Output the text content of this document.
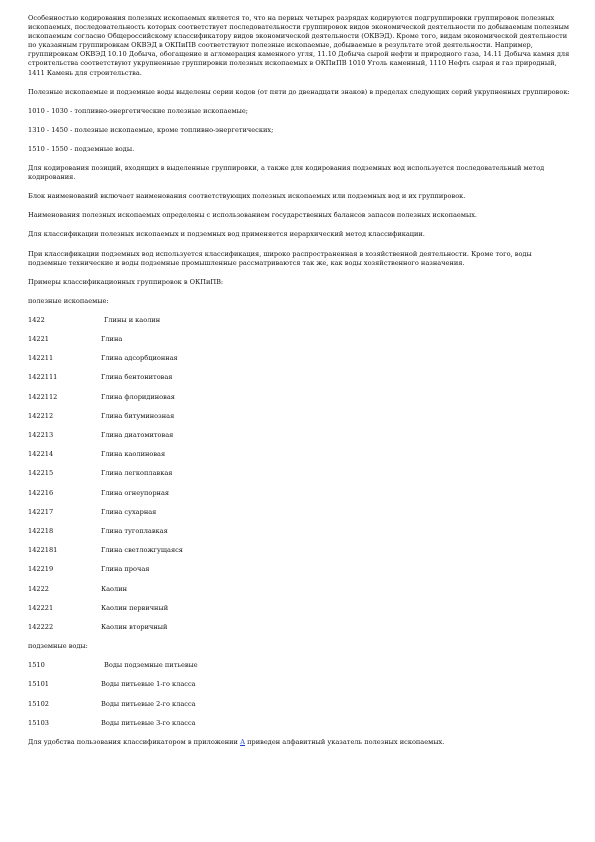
Особенностью кодирования полезных ископаемых является то, что на первых четырех разрядах кодируются подгруппировки группировок полезных ископаемых, последовательность которых соответствует последовательности группировок видов экономической деятельности по добываемым полезным ископаемым согласно Общероссийскому классификатору видов экономической деятельности (ОКВЭД). Кроме того, видам экономической деятельности по указанным группировкам ОКВЭД в ОКПиПВ соответствуют полезные ископаемые, добываемые в результате этой деятельности. Например, группировкам ОКВЭД 10.10 Добыча, обогащение и агломерация каменного угля, 11.10 Добыча сырой нефти и природного газа, 14.11 Добыча камня для строительства соответствуют укрупненные группировки полезных ископаемых в ОКПиПВ 1010 Уголь каменный, 1110 Нефть сырая и газ природный, 1411 Камень для строительства.

Полезные ископаемые и подземные воды выделены серии кодов (от пяти до двенадцати знаков) в пределах следующих серий укрупненных группировок:

1010 - 1030 - топливно-энергетические полезные ископаемые;

1310 - 1450 - полезные ископаемые, кроме топливно-энергетических;

1510 - 1550 - подземные воды.

Для кодирования позиций, входящих в выделенные группировки, а также для кодирования подземных вод используется последовательный метод кодирования.

Блок наименований включает наименования соответствующих полезных ископаемых или подземных вод и их группировок.

Наименования полезных ископаемых определены с использованием государственных балансов запасов полезных ископаемых.

Для классификации полезных ископаемых и подземных вод применяется иерархический метод классификации.

При классификации подземных вод используется классификация, широко распространенная в хозяйственной деятельности. Кроме того, воды подземные технические и воды подземные промышленные рассматриваются так же, как воды хозяйственного назначения.

Примеры классификационных группировок в ОКПиПВ:

полезные ископаемые:

1422	Глины и каолин
14221	Глина
142211	Глина адсорбционная
1422111	Глина бентонитовая
1422112	Глина флоридиновая
142212	Глина битуминозная
142213	Глина диатомитовая
142214	Глина каолиновая
142215	Глина легкоплавкая
142216	Глина огнеупорная
142217	Глина сухарная
142218	Глина тугоплавкая
1422181	Глина светложгущаяся
142219	Глина прочая
14222	Каолин
142221	Каолин первичный
142222	Каолин вторичный

подземные воды:

1510	Воды подземные питьевые
15101	Воды питьевые 1-го класса
15102	Воды питьевые 2-го класса
15103	Воды питьевые 3-го класса

Для удобства пользования классификатором в приложении А приведен алфавитный указатель полезных ископаемых.
